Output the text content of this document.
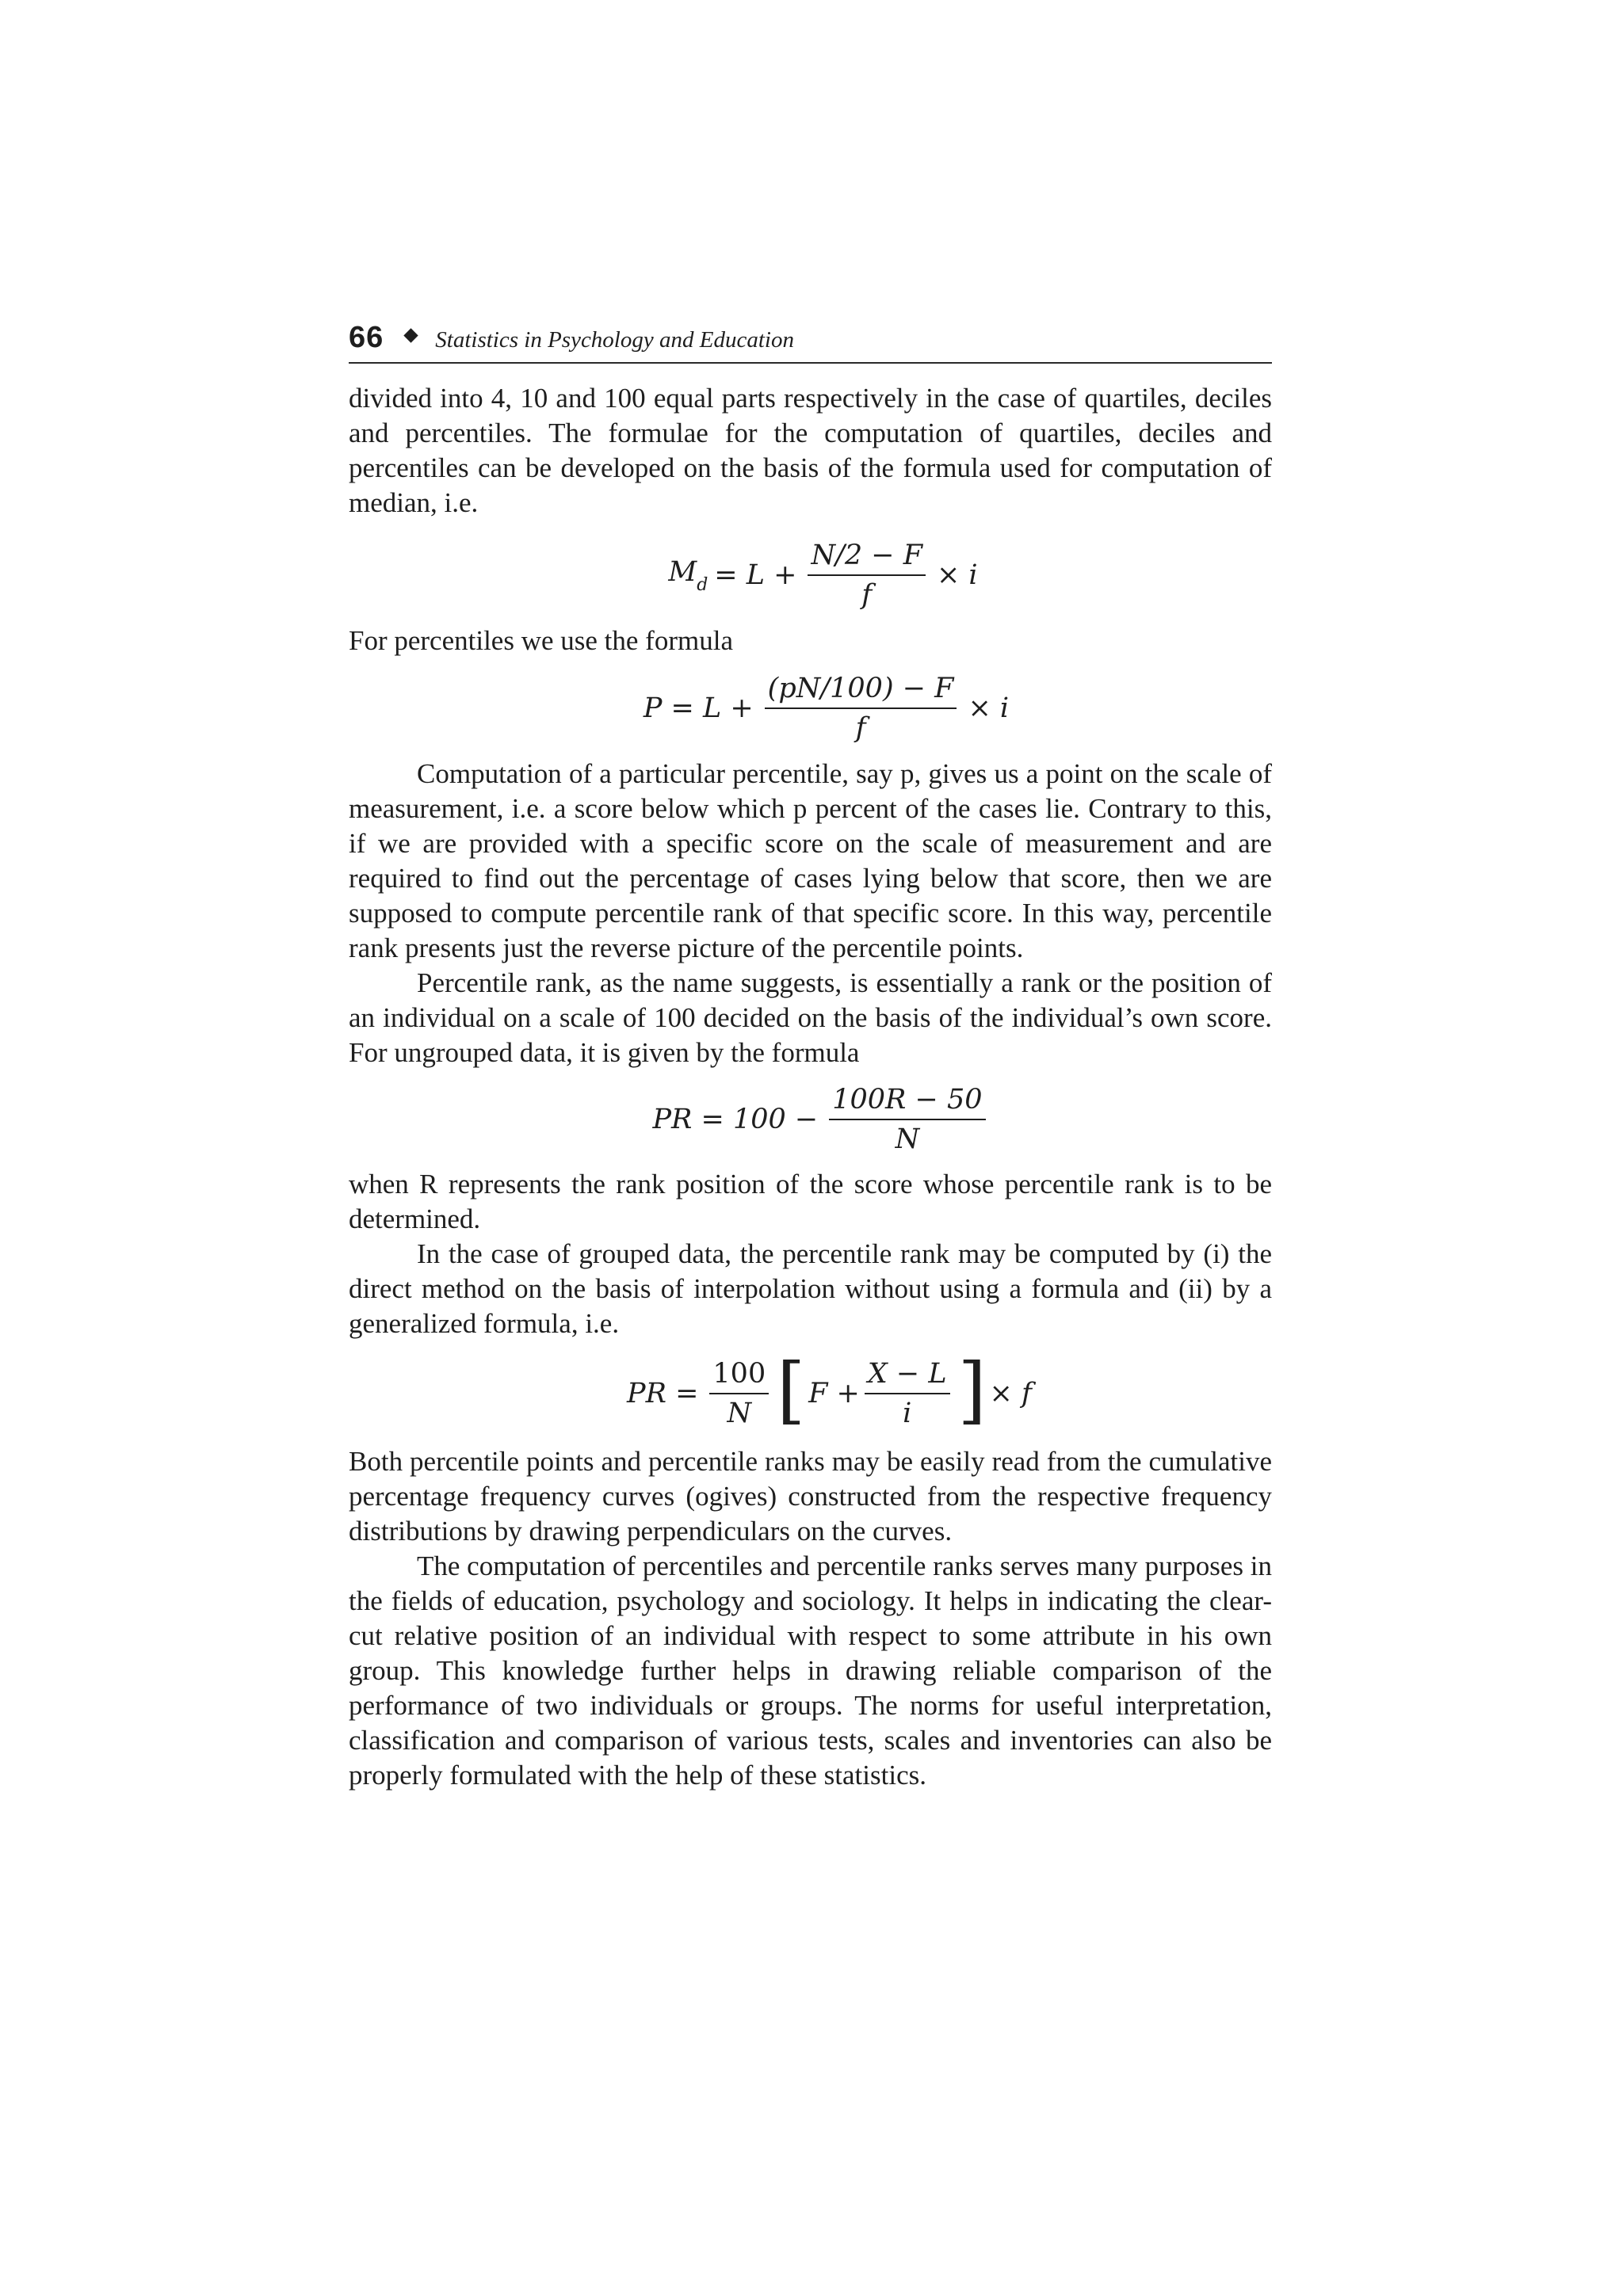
66 Statistics in Psychology and Education

divided into 4, 10 and 100 equal parts respectively in the case of quartiles, deciles and percentiles. The formulae for the computation of quartiles, deciles and percentiles can be developed on the basis of the formula used for computation of median, i.e.

$M_d = L + \frac{N/2 - F}{f} \times i$

For percentiles we use the formula

$P = L + \frac{(pN/100) - F}{f} \times i$

Computation of a particular percentile, say p, gives us a point on the scale of measurement, i.e. a score below which p percent of the cases lie. Contrary to this, if we are provided with a specific score on the scale of measurement and are required to find out the percentage of cases lying below that score, then we are supposed to compute percentile rank of that specific score. In this way, percentile rank presents just the reverse picture of the percentile points.

Percentile rank, as the name suggests, is essentially a rank or the position of an individual on a scale of 100 decided on the basis of the individual’s own score. For ungrouped data, it is given by the formula

PR = $100 - \frac{100R - 50}{N}$

when R represents the rank position of the score whose percentile rank is to be determined.

In the case of grouped data, the percentile rank may be computed by (i) the direct method on the basis of interpolation without using a formula and (ii) by a generalized formula, i.e.

PR = $\frac{100}{N}$ [ $F + \frac{X - L}{i}$ ] × f

Both percentile points and percentile ranks may be easily read from the cumulative percentage frequency curves (ogives) constructed from the respective frequency distributions by drawing perpendiculars on the curves.

The computation of percentiles and percentile ranks serves many purposes in the fields of education, psychology and sociology. It helps in indicating the clear-cut relative position of an individual with respect to some attribute in his own group. This knowledge further helps in drawing reliable comparison of the performance of two individuals or groups. The norms for useful interpretation, classification and comparison of various tests, scales and inventories can also be properly formulated with the help of these statistics.
